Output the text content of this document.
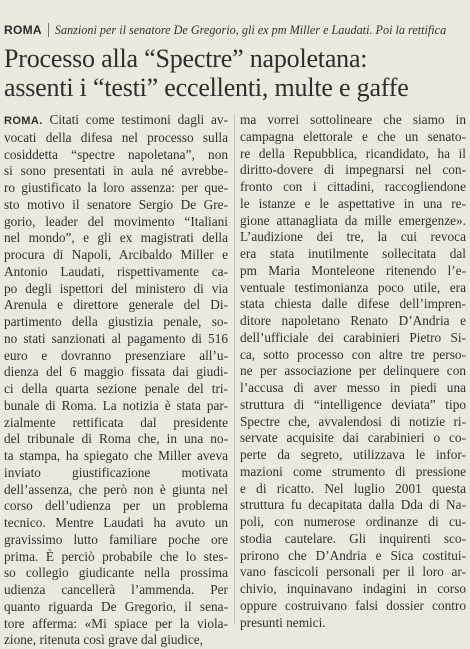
ROMA Sanzioni per il senatore De Gregorio, gli ex pm Miller e Laudati. Poi la rettifica
Processo alla “Spectre” napoletana:
assenti i “testi” eccellenti, multe e gaffe
ROMA. Citati come testimoni dagli av-
vocati della difesa nel processo sulla
cosiddetta “spectre napoletana”, non
si sono presentati in aula né avrebbe-
ro giustificato la loro assenza: per que-
sto motivo il senatore Sergio De Gre-
gorio, leader del movimento “Italiani
nel mondo”, e gli ex magistrati della
procura di Napoli, Arcibaldo Miller e
Antonio Laudati, rispettivamente ca-
po degli ispettori del ministero di via
Arenula e direttore generale del Di-
partimento della giustizia penale, so-
no stati sanzionati al pagamento di 516
euro e dovranno presenziare all’u-
dienza del 6 maggio fissata dai giudi-
ci della quarta sezione penale del tri-
bunale di Roma. La notizia è stata par-
zialmente rettificata dal presidente
del tribunale di Roma che, in una no-
ta stampa, ha spiegato che Miller aveva
inviato giustificazione motivata
dell’assenza, che però non è giunta nel
corso dell’udienza per un problema
tecnico. Mentre Laudati ha avuto un
gravissimo lutto familiare poche ore
prima. È perciò probabile che lo stes-
so collegio giudicante nella prossima
udienza cancellerà l’ammenda. Per
quanto riguarda De Gregorio, il sena-
tore afferma: «Mi spiace per la viola-
zione, ritenuta così grave dal giudice,
ma vorrei sottolineare che siamo in
campagna elettorale e che un senato-
re della Repubblica, ricandidato, ha il
diritto-dovere di impegnarsi nel con-
fronto con i cittadini, raccogliendone
le istanze e le aspettative in una re-
gione attanagliata da mille emergenze».
L’audizione dei tre, la cui revoca
era stata inutilmente sollecitata dal
pm Maria Monteleone ritenendo l’e-
ventuale testimonianza poco utile, era
stata chiesta dalle difese dell’impren-
ditore napoletano Renato D’Andria e
dell’ufficiale dei carabinieri Pietro Si-
ca, sotto processo con altre tre perso-
ne per associazione per delinquere con
l’accusa di aver messo in piedi una
struttura di “intelligence deviata” tipo
Spectre che, avvalendosi di notizie ri-
servate acquisite dai carabinieri o co-
perte da segreto, utilizzava le infor-
mazioni come strumento di pressione
e di ricatto. Nel luglio 2001 questa
struttura fu decapitata dalla Dda di Na-
poli, con numerose ordinanze di cu-
stodia cautelare. Gli inquirenti sco-
prirono che D’Andria e Sica costitui-
vano fascicoli personali per il loro ar-
chivio, inquinavano indagini in corso
oppure costruivano falsi dossier contro
presunti nemici.
